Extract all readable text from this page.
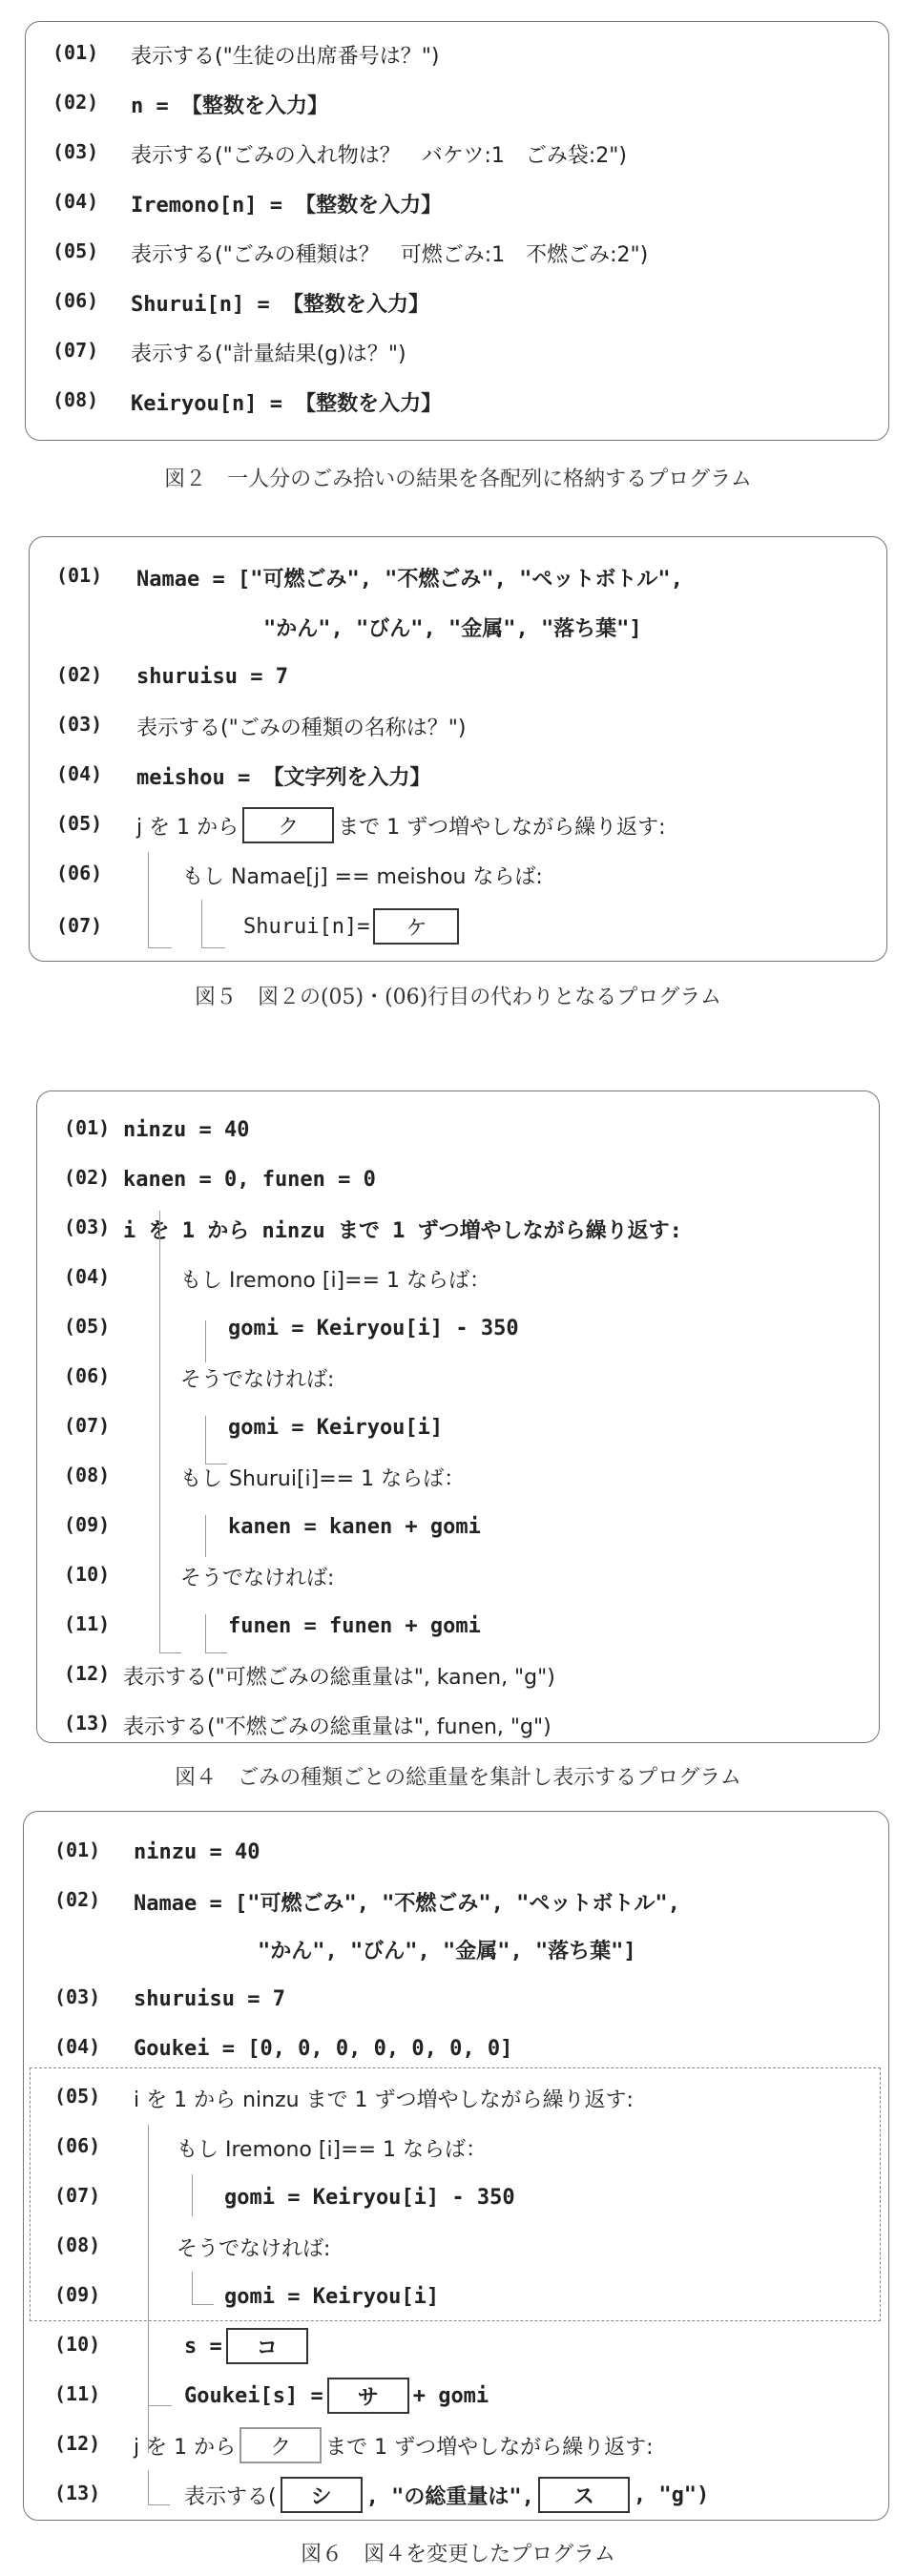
(01) 表示する("生徒の出席番号は？")
(02) n = 【整数を入力】
(03) 表示する("ごみの入れ物は？　バケツ:1　ごみ袋:2")
(04) Iremono[n] = 【整数を入力】
(05) 表示する("ごみの種類は？　可燃ごみ:1　不燃ごみ:2")
(06) Shurui[n] = 【整数を入力】
(07) 表示する("計量結果(g)は？")
(08) Keiryou[n] = 【整数を入力】
図２　一人分のごみ拾いの結果を各配列に格納するプログラム
(01) Namae = ["可燃ごみ", "不燃ごみ", "ペットボトル",
"かん", "びん", "金属", "落ち葉"]
(02) shuruisu = 7
(03) 表示する("ごみの種類の名称は？")
(04) meishou = 【文字列を入力】
(05) j を 1 から	ク	まで 1 ずつ増やしながら繰り返す:
(06)	もし Namae[j] == meishou ならば:
(07)	Shurui[n]=	ケ
図５　図２の(05)・(06)行目の代わりとなるプログラム
(01) ninzu = 40
(02) kanen = 0, funen = 0
(03) i を 1 から ninzu まで 1 ずつ増やしながら繰り返す:
(04)	もし Iremono [i]== 1 ならば：
(05)	gomi = Keiryou[i] - 350
(06)	そうでなければ:
(07)	gomi = Keiryou[i]
(08)	もし Shurui[i]== 1 ならば：
(09)	kanen = kanen + gomi
(10)	そうでなければ:
(11)	funen = funen + gomi
(12) 表示する("可燃ごみの総重量は", kanen, "g")
(13) 表示する("不燃ごみの総重量は", funen, "g")
図４　ごみの種類ごとの総重量を集計し表示するプログラム
(01) ninzu = 40
(02) Namae = ["可燃ごみ", "不燃ごみ", "ペットボトル",
"かん", "びん", "金属", "落ち葉"]
(03) shuruisu = 7
(04) Goukei = [0, 0, 0, 0, 0, 0, 0]
(05) i を 1 から ninzu まで 1 ずつ増やしながら繰り返す:
(06)	もし Iremono [i]== 1 ならば：
(07)	gomi = Keiryou[i] - 350
(08)	そうでなければ:
(09)	gomi = Keiryou[i]
(10)	s =	コ
(11)	Goukei[s] =	サ	+ gomi
(12) j を 1 から	ク	まで 1 ずつ増やしながら繰り返す:
(13)	表示する(	シ	, "の総重量は",	ス	, "g")
図６　図４を変更したプログラム
